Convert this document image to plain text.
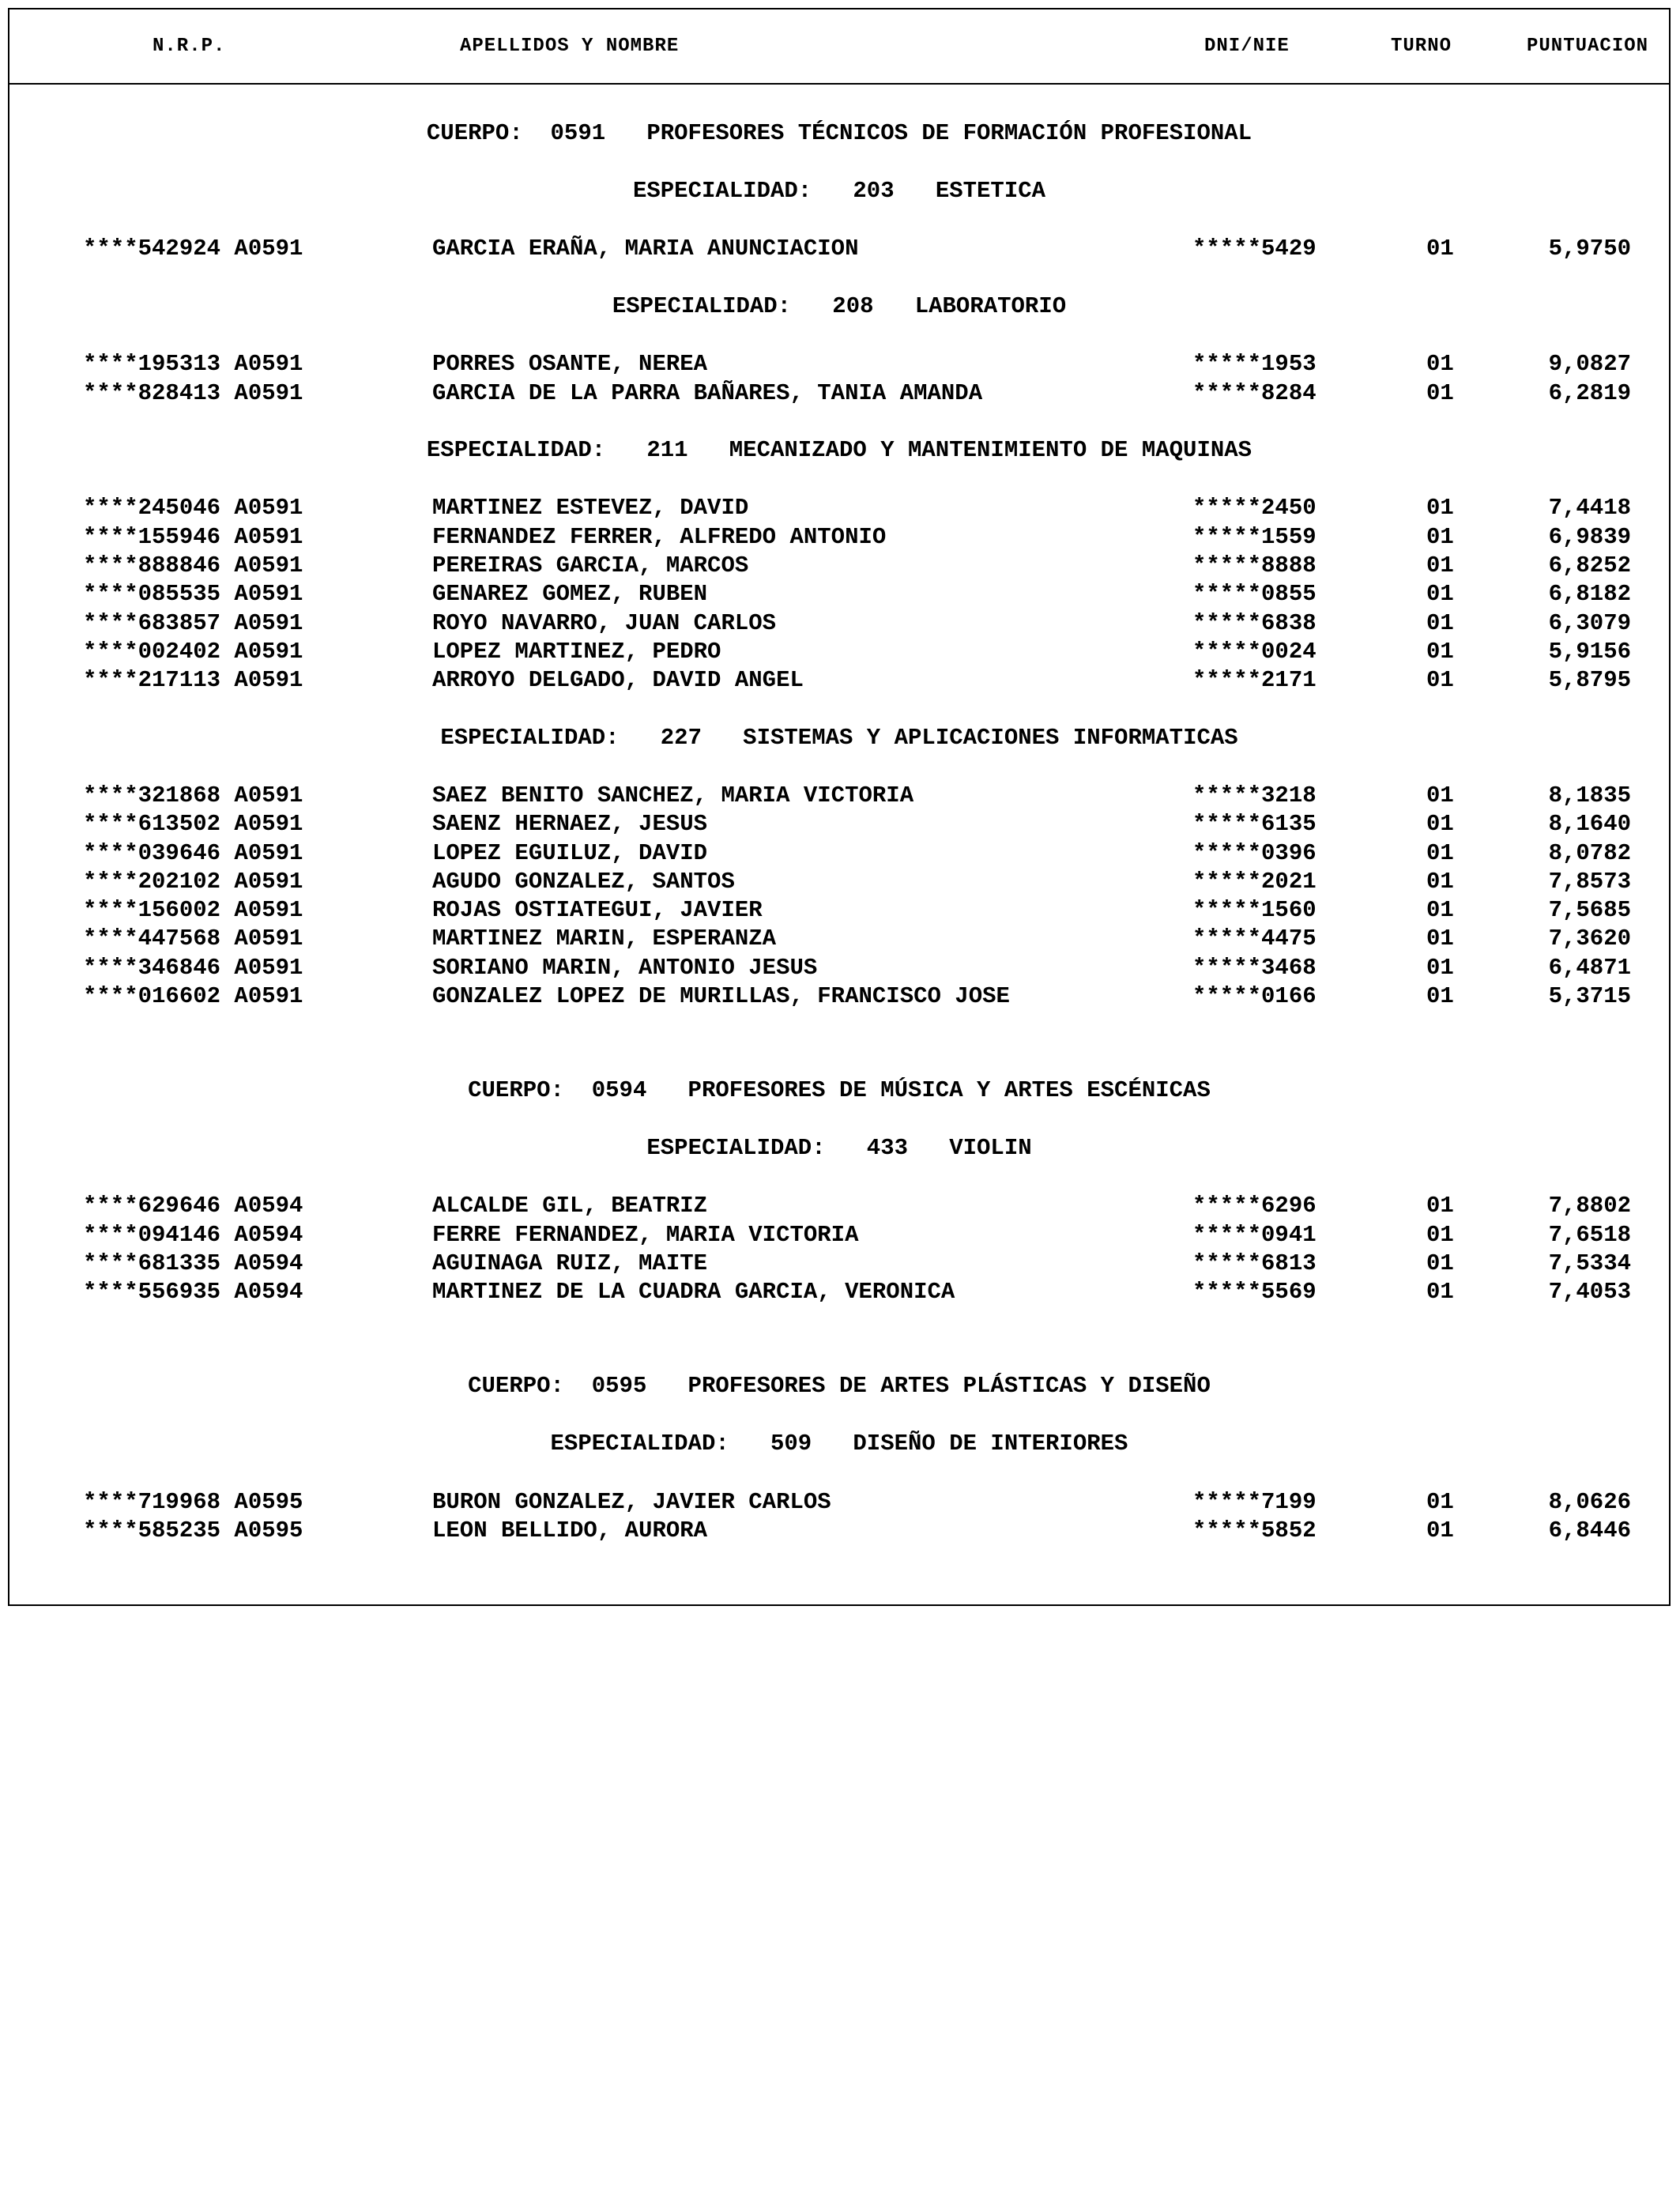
N.R.P.	APELLIDOS Y NOMBRE	DNI/NIE	TURNO	PUNTUACION
CUERPO:  0591   PROFESORES TÉCNICOS DE FORMACIÓN PROFESIONAL
ESPECIALIDAD:   203   ESTETICA
****542924 A0591	GARCIA ERAÑA, MARIA ANUNCIACION	*****5429	01	5,9750
ESPECIALIDAD:   208   LABORATORIO
****195313 A0591	PORRES OSANTE, NEREA	*****1953	01	9,0827
****828413 A0591	GARCIA DE LA PARRA BAÑARES, TANIA AMANDA	*****8284	01	6,2819
ESPECIALIDAD:   211   MECANIZADO Y MANTENIMIENTO DE MAQUINAS
****245046 A0591	MARTINEZ ESTEVEZ, DAVID	*****2450	01	7,4418
****155946 A0591	FERNANDEZ FERRER, ALFREDO ANTONIO	*****1559	01	6,9839
****888846 A0591	PEREIRAS GARCIA, MARCOS	*****8888	01	6,8252
****085535 A0591	GENAREZ GOMEZ, RUBEN	*****0855	01	6,8182
****683857 A0591	ROYO NAVARRO, JUAN CARLOS	*****6838	01	6,3079
****002402 A0591	LOPEZ MARTINEZ, PEDRO	*****0024	01	5,9156
****217113 A0591	ARROYO DELGADO, DAVID ANGEL	*****2171	01	5,8795
ESPECIALIDAD:   227   SISTEMAS Y APLICACIONES INFORMATICAS
****321868 A0591	SAEZ BENITO SANCHEZ, MARIA VICTORIA	*****3218	01	8,1835
****613502 A0591	SAENZ HERNAEZ, JESUS	*****6135	01	8,1640
****039646 A0591	LOPEZ EGUILUZ, DAVID	*****0396	01	8,0782
****202102 A0591	AGUDO GONZALEZ, SANTOS	*****2021	01	7,8573
****156002 A0591	ROJAS OSTIATEGUI, JAVIER	*****1560	01	7,5685
****447568 A0591	MARTINEZ MARIN, ESPERANZA	*****4475	01	7,3620
****346846 A0591	SORIANO MARIN, ANTONIO JESUS	*****3468	01	6,4871
****016602 A0591	GONZALEZ LOPEZ DE MURILLAS, FRANCISCO JOSE	*****0166	01	5,3715
CUERPO:  0594   PROFESORES DE MÚSICA Y ARTES ESCÉNICAS
ESPECIALIDAD:   433   VIOLIN
****629646 A0594	ALCALDE GIL, BEATRIZ	*****6296	01	7,8802
****094146 A0594	FERRE FERNANDEZ, MARIA VICTORIA	*****0941	01	7,6518
****681335 A0594	AGUINAGA RUIZ, MAITE	*****6813	01	7,5334
****556935 A0594	MARTINEZ DE LA CUADRA GARCIA, VERONICA	*****5569	01	7,4053
CUERPO:  0595   PROFESORES DE ARTES PLÁSTICAS Y DISEÑO
ESPECIALIDAD:   509   DISEÑO DE INTERIORES
****719968 A0595	BURON GONZALEZ, JAVIER CARLOS	*****7199	01	8,0626
****585235 A0595	LEON BELLIDO, AURORA	*****5852	01	6,8446
